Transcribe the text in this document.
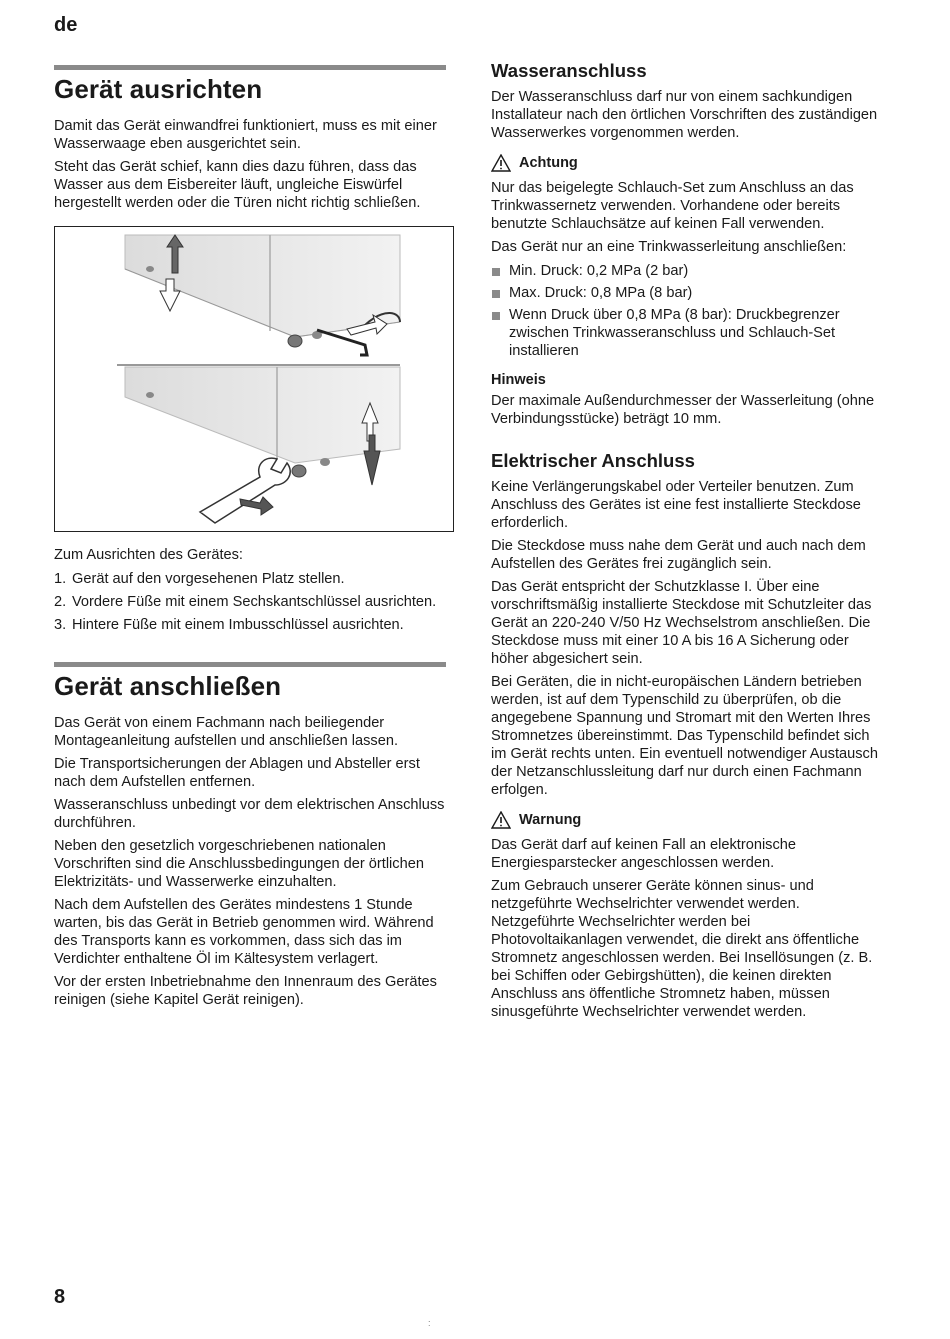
de
Gerät ausrichten

Damit das Gerät einwandfrei funktioniert, muss es mit einer Wasserwaage eben ausgerichtet sein.

Steht das Gerät schief, kann dies dazu führen, dass das Wasser aus dem Eisbereiter läuft, ungleiche Eiswürfel hergestellt werden oder die Türen nicht richtig schließen.

Zum Ausrichten des Gerätes:

1. Gerät auf den vorgesehenen Platz stellen.
2. Vordere Füße mit einem Sechskantschlüssel ausrichten.
3. Hintere Füße mit einem Imbusschlüssel ausrichten.
Gerät anschließen

Das Gerät von einem Fachmann nach beiliegender Montageanleitung aufstellen und anschließen lassen.

Die Transportsicherungen der Ablagen und Absteller erst nach dem Aufstellen entfernen.

Wasseranschluss unbedingt vor dem elektrischen Anschluss durchführen.

Neben den gesetzlich vorgeschriebenen nationalen Vorschriften sind die Anschlussbedingungen der örtlichen Elektrizitäts- und Wasserwerke einzuhalten.

Nach dem Aufstellen des Gerätes mindestens 1 Stunde warten, bis das Gerät in Betrieb genommen wird. Während des Transports kann es vorkommen, dass sich das im Verdichter enthaltene Öl im Kältesystem verlagert.

Vor der ersten Inbetriebnahme den Innenraum des Gerätes reinigen (siehe Kapitel Gerät reinigen).

Wasseranschluss

Der Wasseranschluss darf nur von einem sachkundigen Installateur nach den örtlichen Vorschriften des zuständigen Wasserwerkes vorgenommen werden.

Achtung

Nur das beigelegte Schlauch-Set zum Anschluss an das Trinkwassernetz verwenden. Vorhandene oder bereits benutzte Schlauchsätze auf keinen Fall verwenden.

Das Gerät nur an eine Trinkwasserleitung anschließen:

Min. Druck: 0,2 MPa (2 bar)
Max. Druck: 0,8 MPa (8 bar)
Wenn Druck über 0,8 MPa (8 bar): Druckbegrenzer zwischen Trinkwasseranschluss und Schlauch-Set installieren
Hinweis

Der maximale Außendurchmesser der Wasserleitung (ohne Verbindungsstücke) beträgt 10 mm.

Elektrischer Anschluss

Keine Verlängerungskabel oder Verteiler benutzen. Zum Anschluss des Gerätes ist eine fest installierte Steckdose erforderlich.

Die Steckdose muss nahe dem Gerät und auch nach dem Aufstellen des Gerätes frei zugänglich sein.

Das Gerät entspricht der Schutzklasse I. Über eine vorschriftsmäßig installierte Steckdose mit Schutzleiter das Gerät an 220-240 V/50 Hz Wechselstrom anschließen. Die Steckdose muss mit einer 10 A bis 16 A Sicherung oder höher abgesichert sein.

Bei Geräten, die in nicht-europäischen Ländern betrieben werden, ist auf dem Typenschild zu überprüfen, ob die angegebene Spannung und Stromart mit den Werten Ihres Stromnetzes übereinstimmt. Das Typenschild befindet sich im Gerät rechts unten. Ein eventuell notwendiger Austausch der Netzanschlussleitung darf nur durch einen Fachmann erfolgen.

Warnung

Das Gerät darf auf keinen Fall an elektronische Energiesparstecker angeschlossen werden.

Zum Gebrauch unserer Geräte können sinus- und netzgeführte Wechselrichter verwendet werden. Netzgeführte Wechselrichter werden bei Photovoltaikanlagen verwendet, die direkt ans öffentliche Stromnetz angeschlossen werden. Bei Insellösungen (z. B. bei Schiffen oder Gebirgshütten), die keinen direkten Anschluss ans öffentliche Stromnetz haben, müssen sinusgeführte Wechselrichter verwendet werden.

8
:
